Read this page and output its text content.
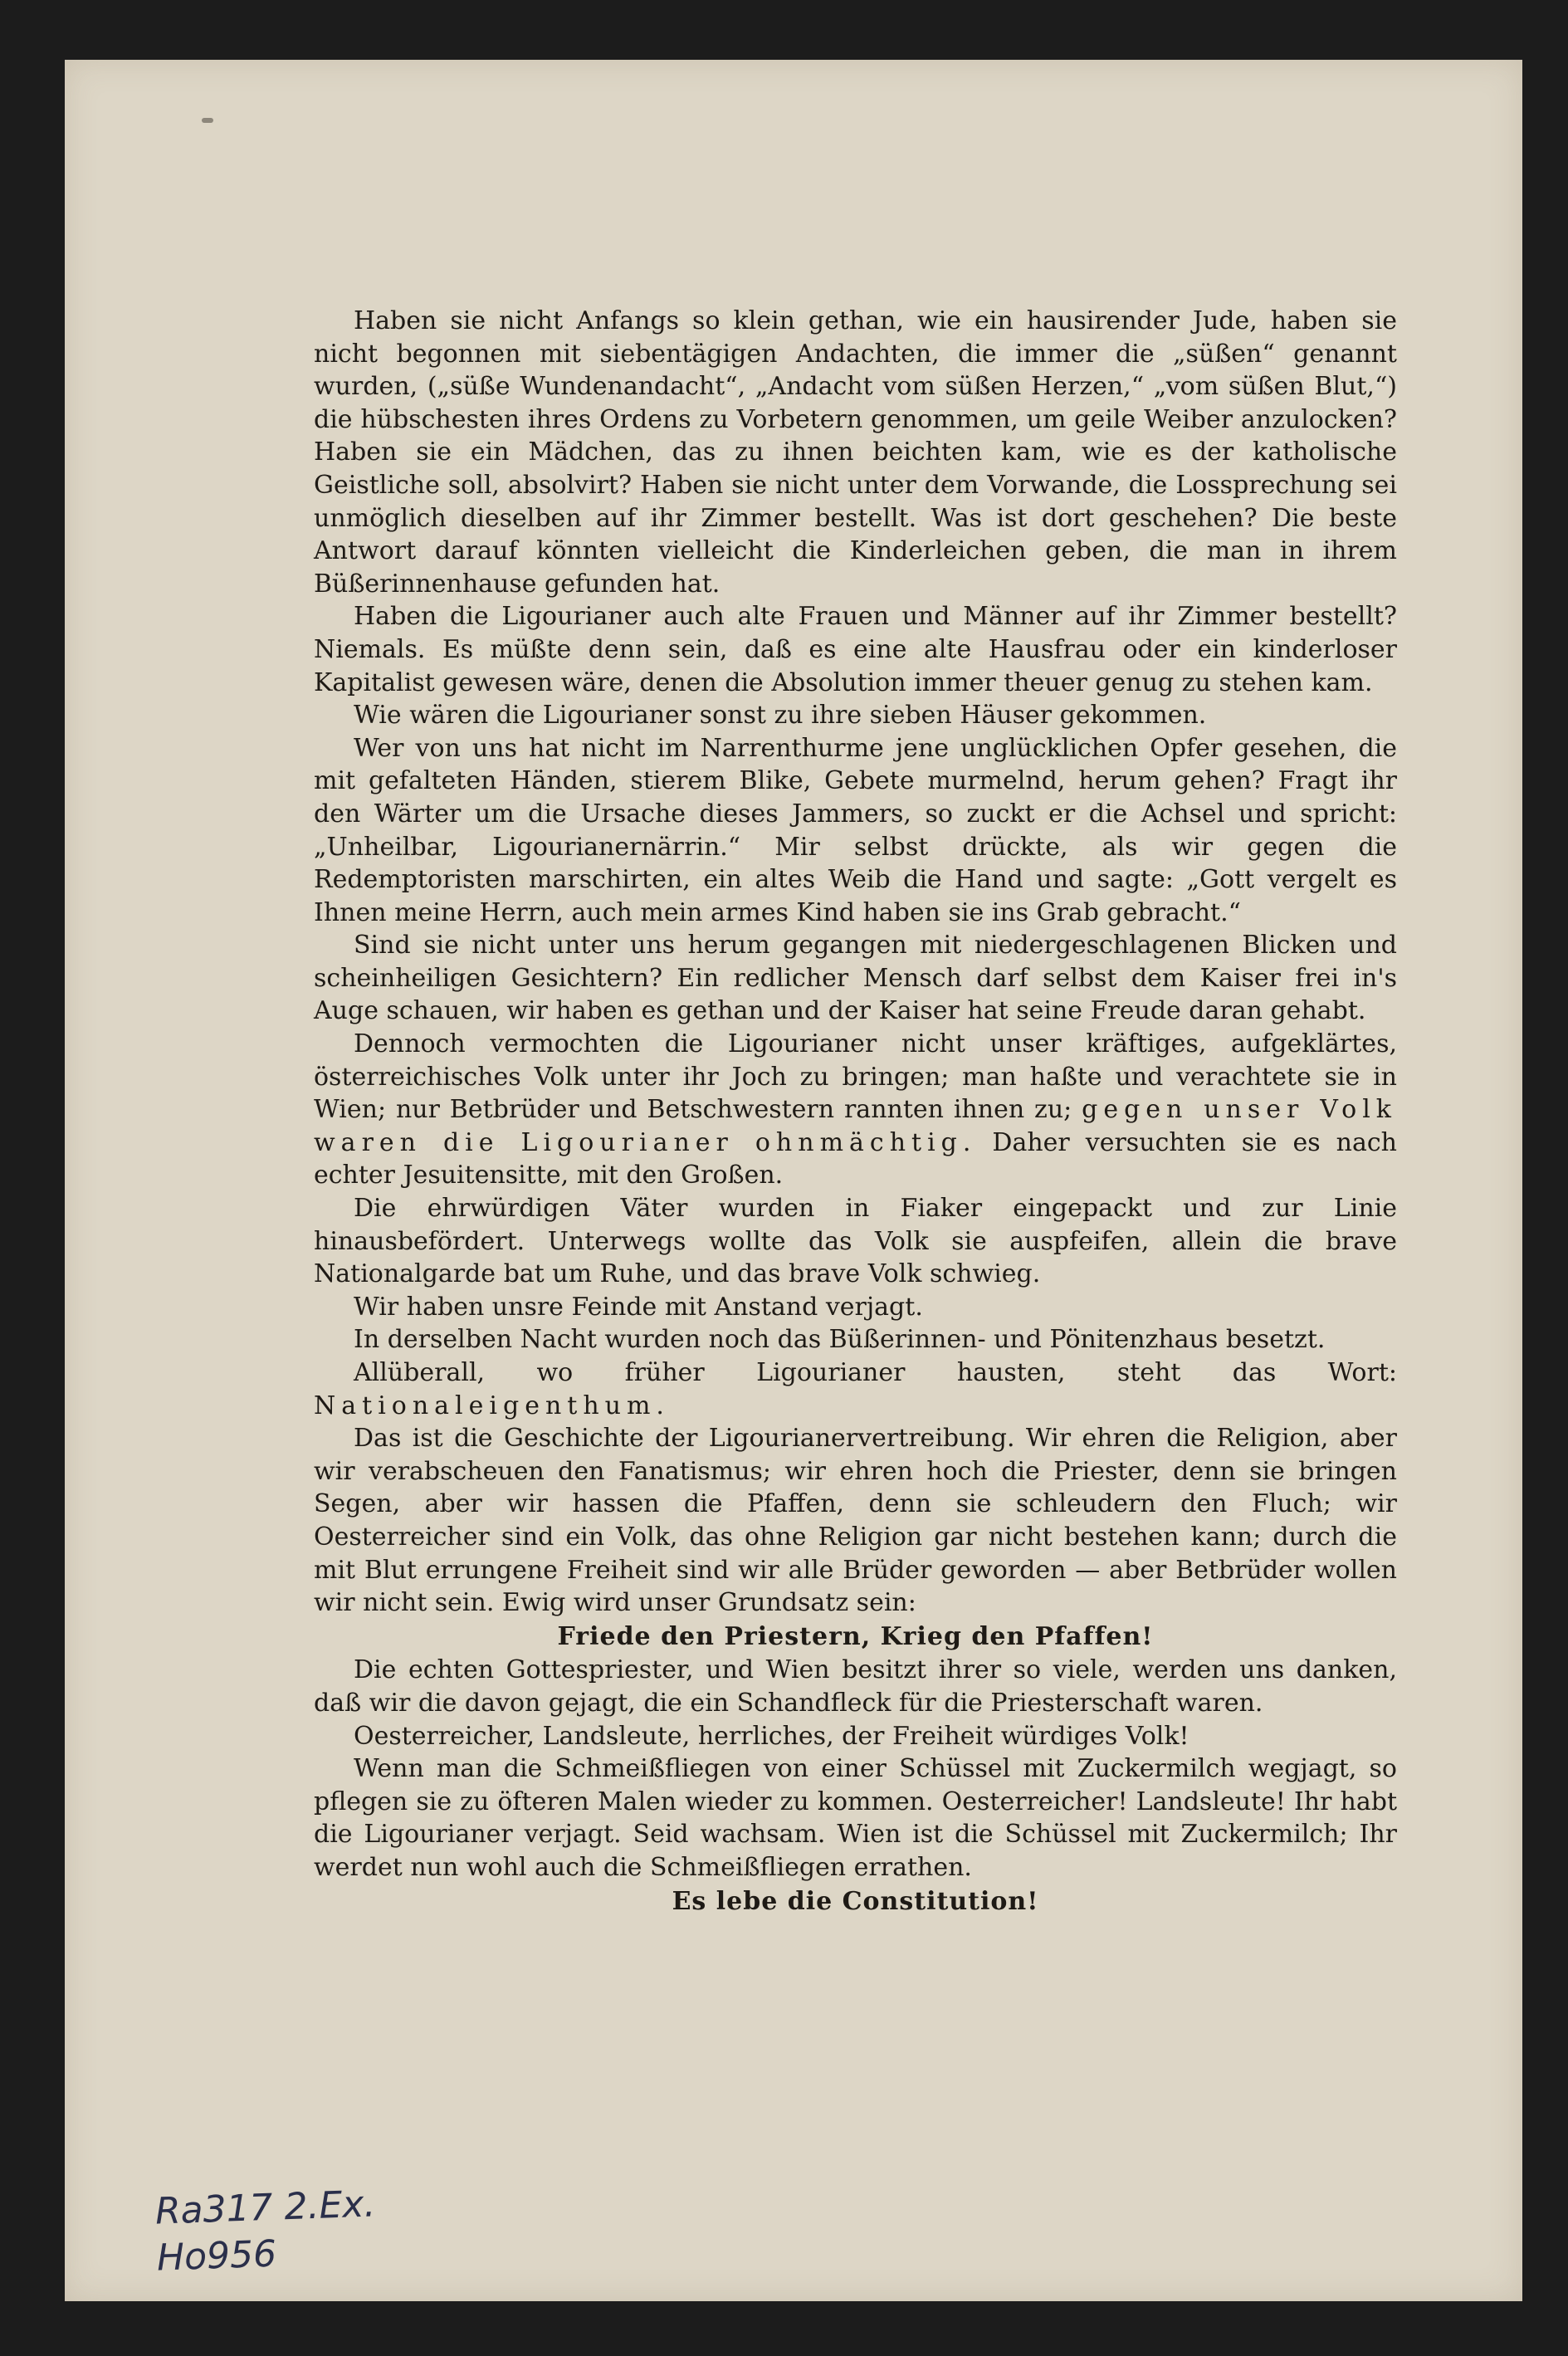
Haben sie nicht Anfangs so klein gethan, wie ein hausirender Jude, haben sie nicht begonnen mit siebentägigen Andachten, die immer die „süßen“ genannt wurden, („süße Wundenandacht“, „Andacht vom süßen Herzen,“ „vom süßen Blut,“) die hübschesten ihres Ordens zu Vorbetern genommen, um geile Weiber anzulocken? Haben sie ein Mädchen, das zu ihnen beichten kam, wie es der katholische Geistliche soll, absolvirt? Haben sie nicht unter dem Vorwande, die Lossprechung sei unmöglich dieselben auf ihr Zimmer bestellt. Was ist dort geschehen? Die beste Antwort darauf könnten vielleicht die Kinderleichen geben, die man in ihrem Büßerinnenhause gefunden hat.

Haben die Ligourianer auch alte Frauen und Männer auf ihr Zimmer bestellt? Niemals. Es müßte denn sein, daß es eine alte Hausfrau oder ein kinderloser Kapitalist gewesen wäre, denen die Absolution immer theuer genug zu stehen kam.

Wie wären die Ligourianer sonst zu ihre sieben Häuser gekommen.

Wer von uns hat nicht im Narrenthurme jene unglücklichen Opfer gesehen, die mit gefalteten Händen, stierem Blike, Gebete murmelnd, herum gehen? Fragt ihr den Wärter um die Ursache dieses Jammers, so zuckt er die Achsel und spricht: „Unheilbar, Ligourianernärrin.“ Mir selbst drückte, als wir gegen die Redemptoristen marschirten, ein altes Weib die Hand und sagte: „Gott vergelt es Ihnen meine Herrn, auch mein armes Kind haben sie ins Grab gebracht.“

Sind sie nicht unter uns herum gegangen mit niedergeschlagenen Blicken und scheinheiligen Gesichtern? Ein redlicher Mensch darf selbst dem Kaiser frei in's Auge schauen, wir haben es gethan und der Kaiser hat seine Freude daran gehabt.

Dennoch vermochten die Ligourianer nicht unser kräftiges, aufgeklärtes, österreichisches Volk unter ihr Joch zu bringen; man haßte und verachtete sie in Wien; nur Betbrüder und Betschwestern rannten ihnen zu; gegen unser Volk waren die Ligourianer ohnmächtig. Daher versuchten sie es nach echter Jesuitensitte, mit den Großen.

Die ehrwürdigen Väter wurden in Fiaker eingepackt und zur Linie hinausbefördert. Unterwegs wollte das Volk sie auspfeifen, allein die brave Nationalgarde bat um Ruhe, und das brave Volk schwieg.

Wir haben unsre Feinde mit Anstand verjagt.

In derselben Nacht wurden noch das Büßerinnen- und Pönitenzhaus besetzt.

Allüberall, wo früher Ligourianer hausten, steht das Wort: Nationaleigenthum.

Das ist die Geschichte der Ligourianervertreibung. Wir ehren die Religion, aber wir verabscheuen den Fanatismus; wir ehren hoch die Priester, denn sie bringen Segen, aber wir hassen die Pfaffen, denn sie schleudern den Fluch; wir Oesterreicher sind ein Volk, das ohne Religion gar nicht bestehen kann; durch die mit Blut errungene Freiheit sind wir alle Brüder geworden — aber Betbrüder wollen wir nicht sein. Ewig wird unser Grundsatz sein:

Friede den Priestern, Krieg den Pfaffen!

Die echten Gottespriester, und Wien besitzt ihrer so viele, werden uns danken, daß wir die davon gejagt, die ein Schandfleck für die Priesterschaft waren.

Oesterreicher, Landsleute, herrliches, der Freiheit würdiges Volk!

Wenn man die Schmeißfliegen von einer Schüssel mit Zuckermilch wegjagt, so pflegen sie zu öfteren Malen wieder zu kommen. Oesterreicher! Landsleute! Ihr habt die Ligourianer verjagt. Seid wachsam. Wien ist die Schüssel mit Zuckermilch; Ihr werdet nun wohl auch die Schmeißfliegen errathen.

Es lebe die Constitution!

Ra317 2.Ex.
Ho956
